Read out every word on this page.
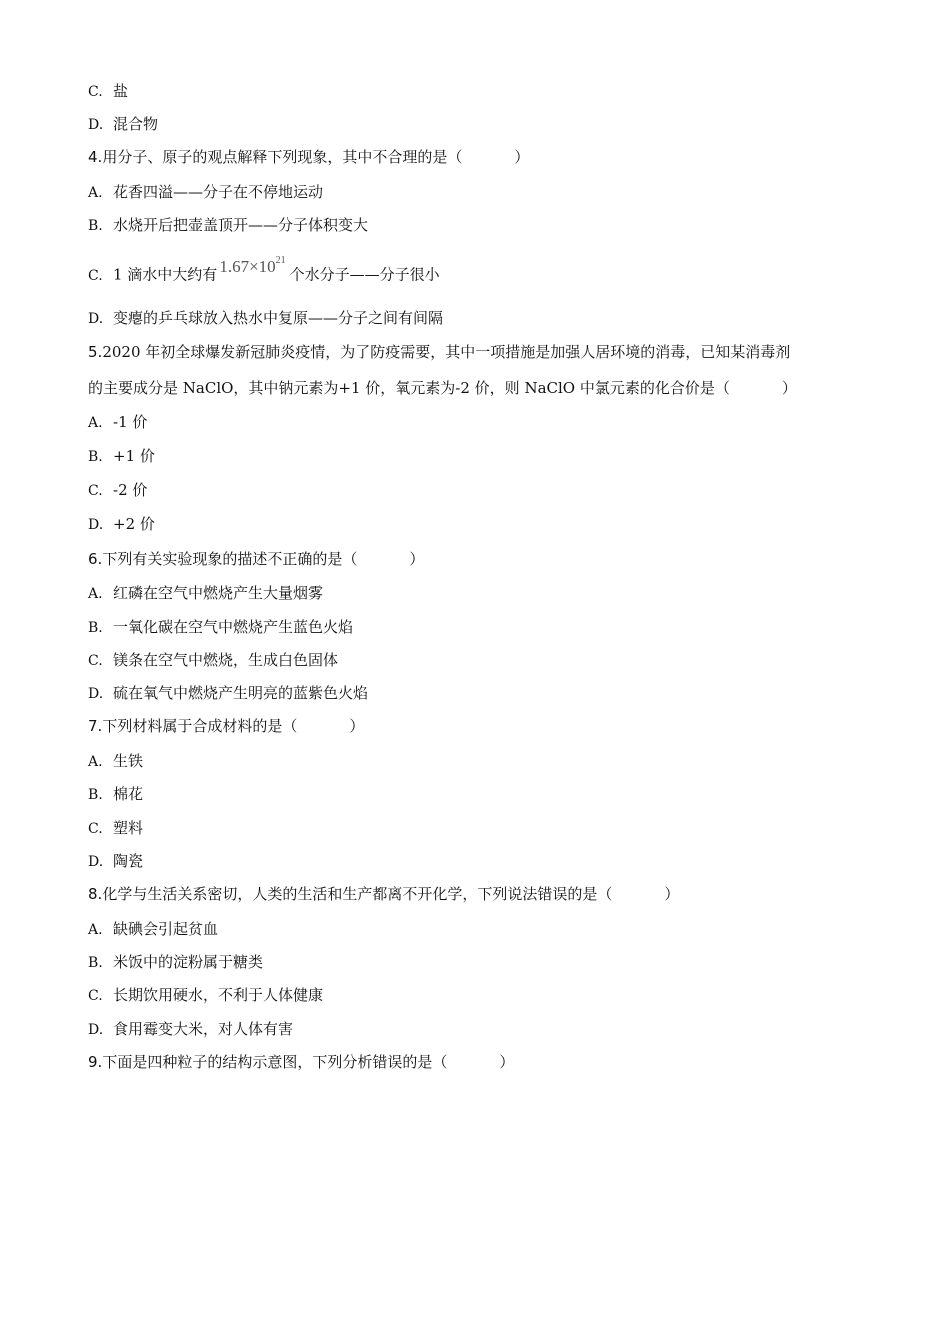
C. 盐
D. 混合物
4.用分子、原子的观点解释下列现象，其中不合理的是（	）
A. 花香四溢——分子在不停地运动
B. 水烧开后把壶盖顶开——分子体积变大
C. 1 滴水中大约有 $1.67\times 10^{21}$个水分子——分子很小
D. 变瘪的乒乓球放入热水中复原——分子之间有间隔
5.2020 年初全球爆发新冠肺炎疫情，为了防疫需要，其中一项措施是加强人居环境的消毒，已知某消毒剂
的主要成分是 NaClO，其中钠元素为+1 价，氧元素为-2 价，则 NaClO 中氯元素的化合价是（	）
A. -1 价
B. +1 价
C. -2 价
D. +2 价
6.下列有关实验现象的描述不正确的是（	）
A. 红磷在空气中燃烧产生大量烟雾
B. 一氧化碳在空气中燃烧产生蓝色火焰
C. 镁条在空气中燃烧，生成白色固体
D. 硫在氧气中燃烧产生明亮的蓝紫色火焰
7.下列材料属于合成材料的是（	）
A. 生铁
B. 棉花
C. 塑料
D. 陶瓷
8.化学与生活关系密切，人类的生活和生产都离不开化学，下列说法错误的是（	）
A. 缺碘会引起贫血
B. 米饭中的淀粉属于糖类
C. 长期饮用硬水，不利于人体健康
D. 食用霉变大米，对人体有害
9.下面是四种粒子的结构示意图，下列分析错误的是（	）
